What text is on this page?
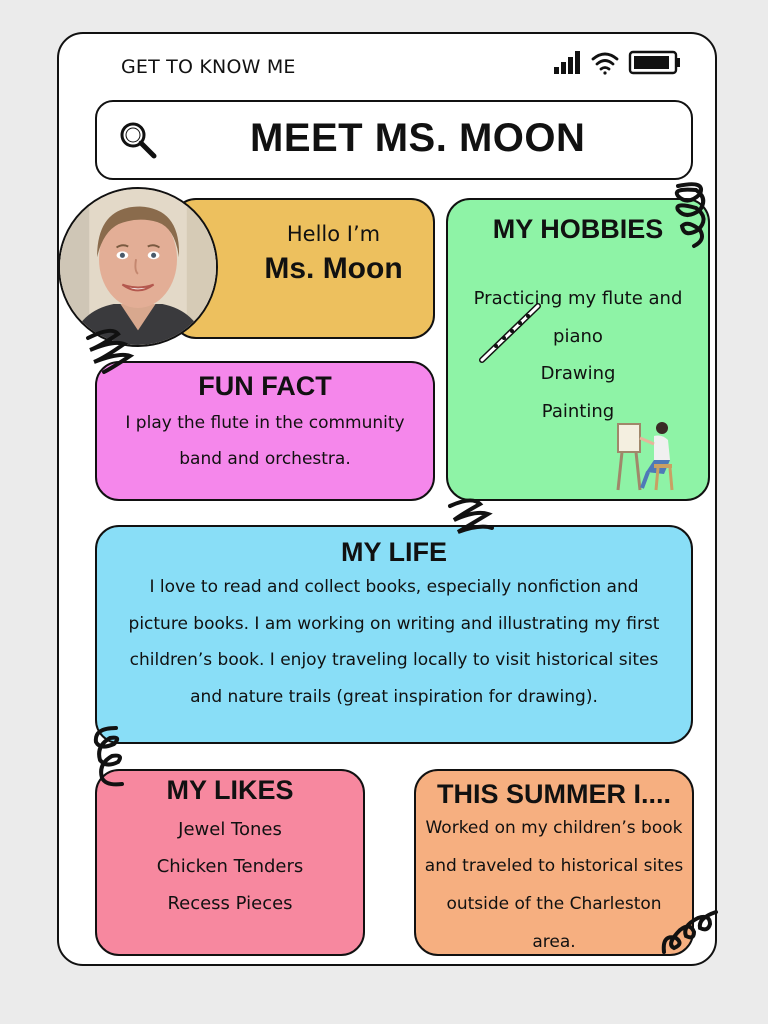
GET TO KNOW ME
MEET MS. MOON
Hello I’m
Ms. Moon
MY HOBBIES

Practicing my flute and

piano

Drawing

Painting

FUN FACT

I play the flute in the community

band and orchestra.

MY LIFE

I love to read and collect books, especially nonfiction and

picture books. I am working on writing and illustrating my first

children’s book. I enjoy traveling locally to visit historical sites

and nature trails (great inspiration for drawing).

MY LIKES

Jewel Tones

Chicken Tenders

Recess Pieces

THIS SUMMER I....

Worked on my children’s book

and traveled to historical sites

outside of the Charleston

area.
